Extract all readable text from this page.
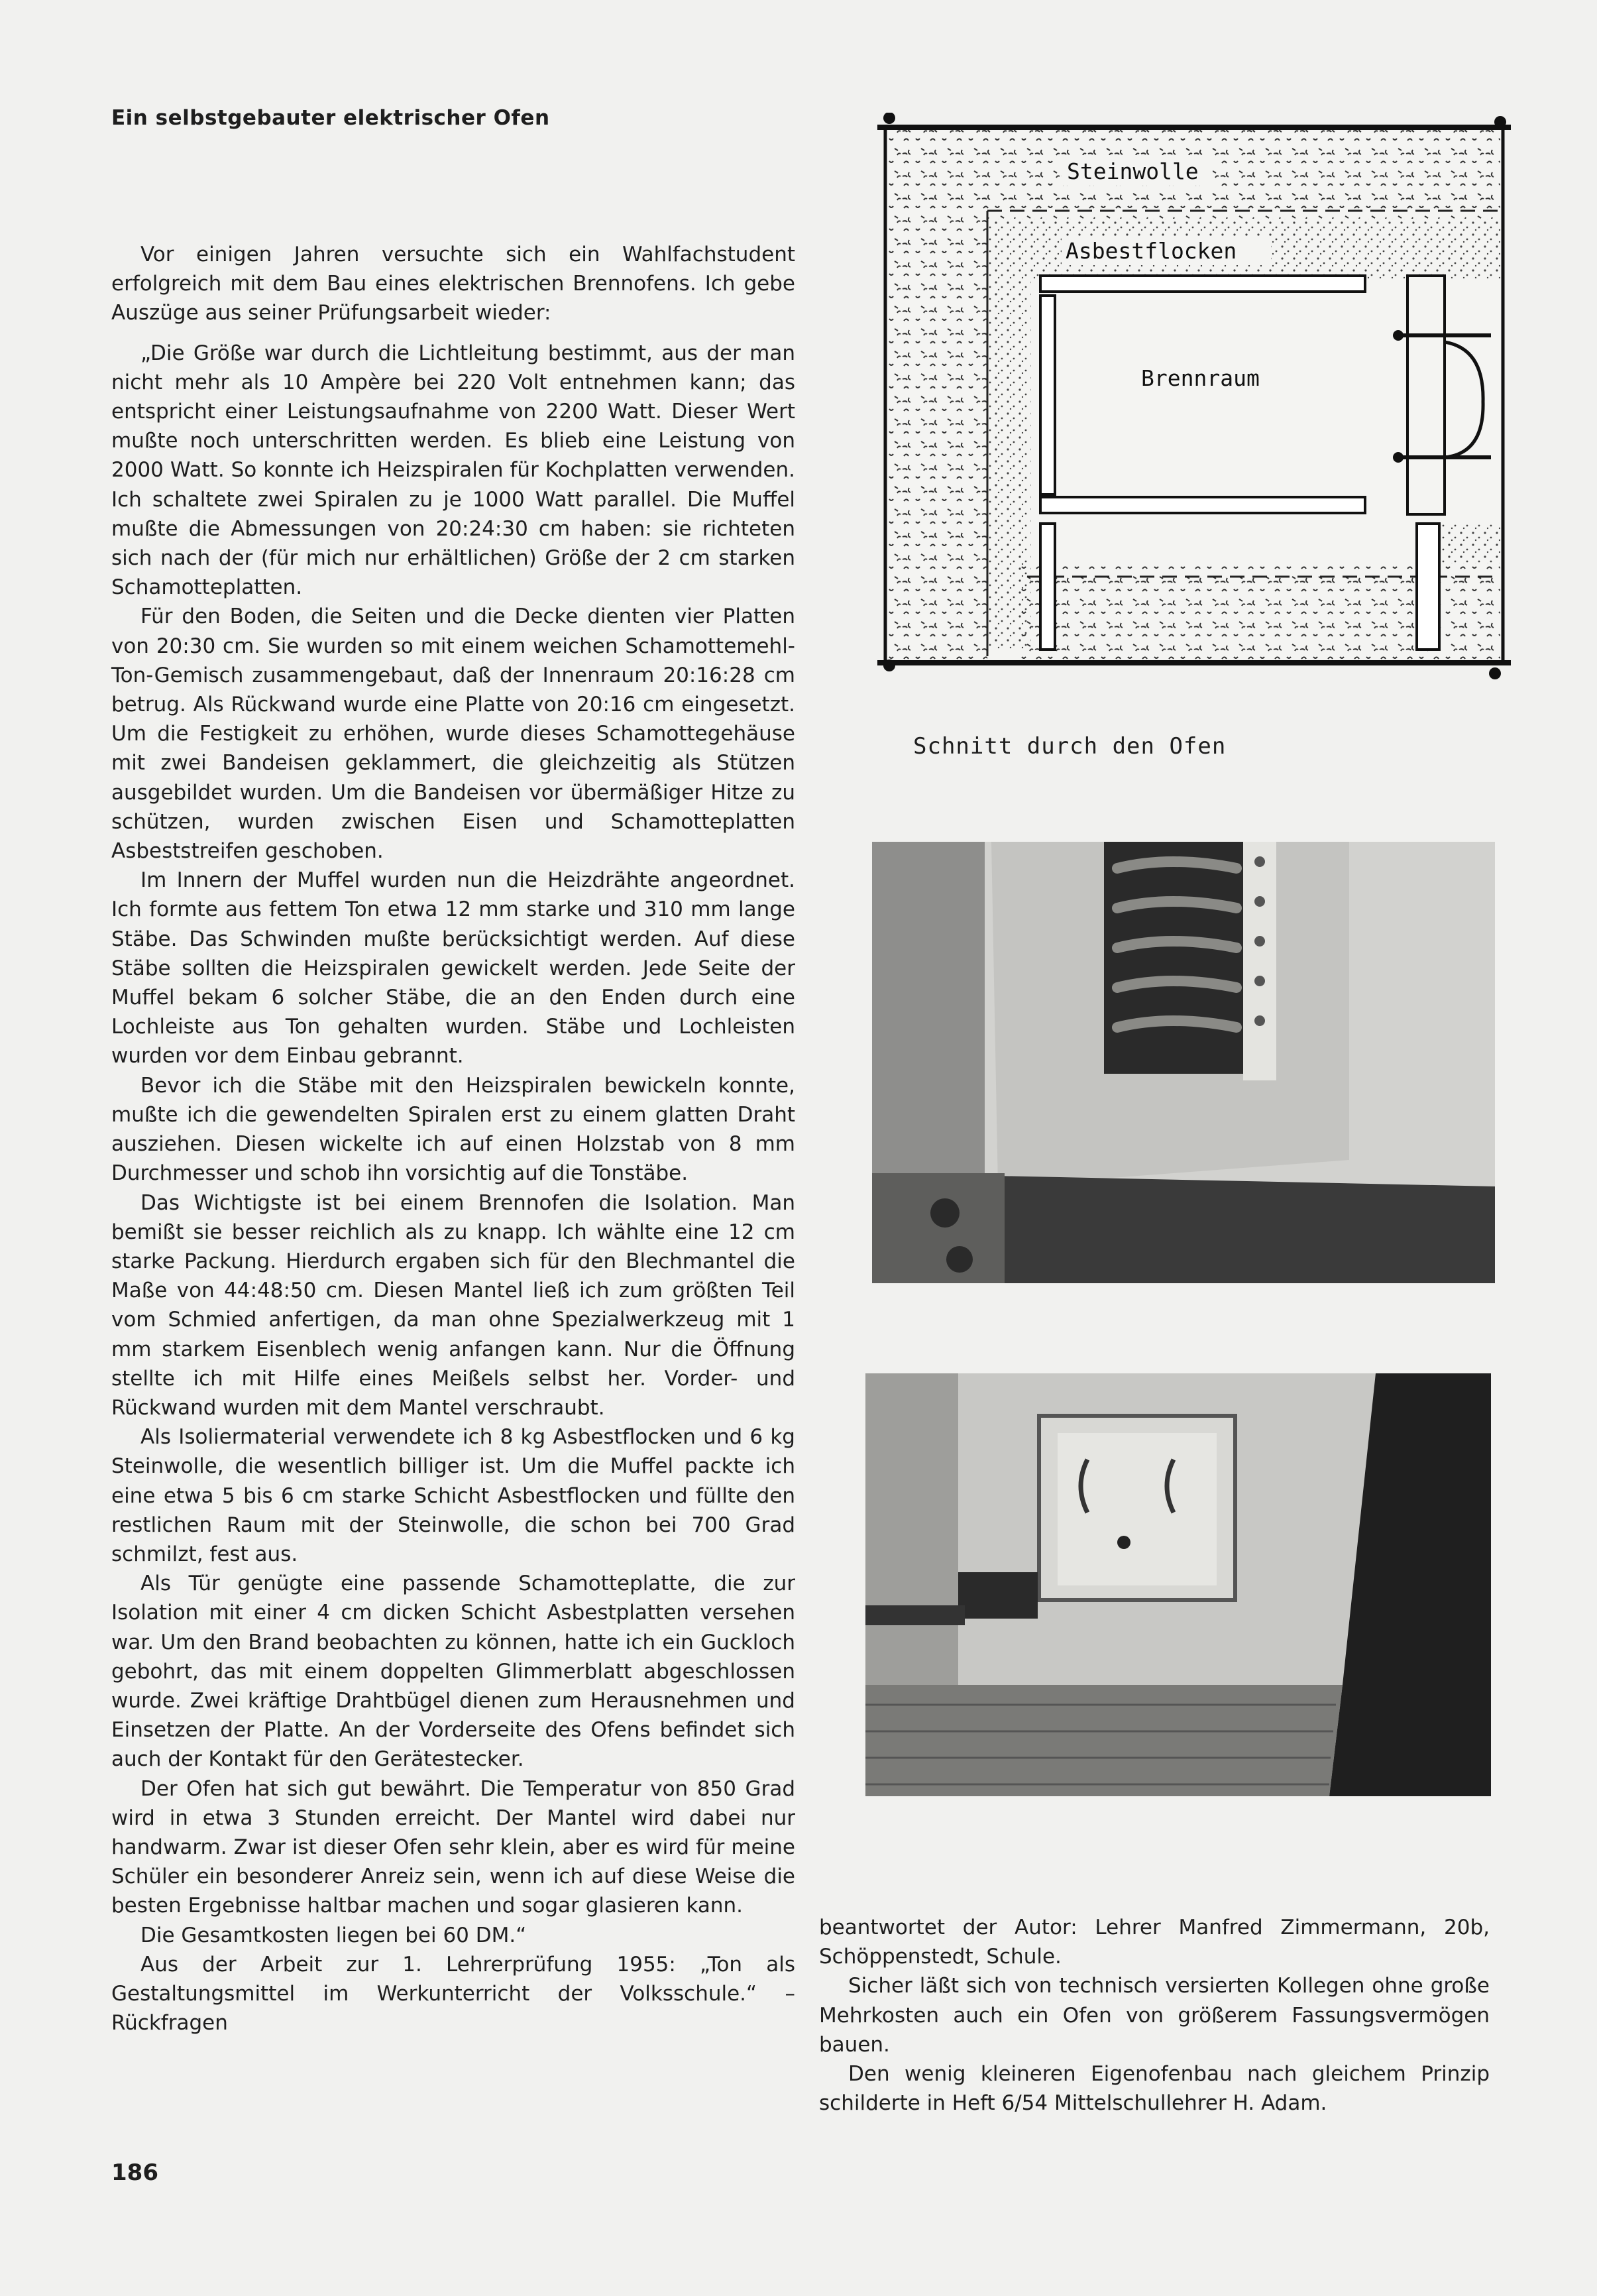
Ein selbstgebauter elektrischer Ofen

Vor einigen Jahren versuchte sich ein Wahlfachstudent erfolgreich mit dem Bau eines elektrischen Brennofens. Ich gebe Auszüge aus seiner Prüfungsarbeit wieder:

„Die Größe war durch die Lichtleitung bestimmt, aus der man nicht mehr als 10 Ampère bei 220 Volt entnehmen kann; das entspricht einer Leistungsaufnahme von 2200 Watt. Dieser Wert mußte noch unterschritten werden. Es blieb eine Leistung von 2000 Watt. So konnte ich Heizspiralen für Kochplatten verwenden. Ich schaltete zwei Spiralen zu je 1000 Watt parallel. Die Muffel mußte die Abmessungen von 20:24:30 cm haben: sie richteten sich nach der (für mich nur erhältlichen) Größe der 2 cm starken Schamotteplatten.

Für den Boden, die Seiten und die Decke dienten vier Platten von 20:30 cm. Sie wurden so mit einem weichen Schamottemehl-Ton-Gemisch zusammengebaut, daß der Innenraum 20:16:28 cm betrug. Als Rückwand wurde eine Platte von 20:16 cm eingesetzt. Um die Festigkeit zu erhöhen, wurde dieses Schamottegehäuse mit zwei Bandeisen geklammert, die gleichzeitig als Stützen ausgebildet wurden. Um die Bandeisen vor übermäßiger Hitze zu schützen, wurden zwischen Eisen und Schamotteplatten Asbeststreifen geschoben.

Im Innern der Muffel wurden nun die Heizdrähte angeordnet. Ich formte aus fettem Ton etwa 12 mm starke und 310 mm lange Stäbe. Das Schwinden mußte berücksichtigt werden. Auf diese Stäbe sollten die Heizspiralen gewickelt werden. Jede Seite der Muffel bekam 6 solcher Stäbe, die an den Enden durch eine Lochleiste aus Ton gehalten wurden. Stäbe und Lochleisten wurden vor dem Einbau gebrannt.

Bevor ich die Stäbe mit den Heizspiralen bewickeln konnte, mußte ich die gewendelten Spiralen erst zu einem glatten Draht ausziehen. Diesen wickelte ich auf einen Holzstab von 8 mm Durchmesser und schob ihn vorsichtig auf die Tonstäbe.

Das Wichtigste ist bei einem Brennofen die Isolation. Man bemißt sie besser reichlich als zu knapp. Ich wählte eine 12 cm starke Packung. Hierdurch ergaben sich für den Blechmantel die Maße von 44:48:50 cm. Diesen Mantel ließ ich zum größten Teil vom Schmied anfertigen, da man ohne Spezialwerkzeug mit 1 mm starkem Eisenblech wenig anfangen kann. Nur die Öffnung stellte ich mit Hilfe eines Meißels selbst her. Vorder- und Rückwand wurden mit dem Mantel verschraubt.

Als Isoliermaterial verwendete ich 8 kg Asbestflocken und 6 kg Steinwolle, die wesentlich billiger ist. Um die Muffel packte ich eine etwa 5 bis 6 cm starke Schicht Asbestflocken und füllte den restlichen Raum mit der Steinwolle, die schon bei 700 Grad schmilzt, fest aus.

Als Tür genügte eine passende Schamotteplatte, die zur Isolation mit einer 4 cm dicken Schicht Asbestplatten versehen war. Um den Brand beobachten zu können, hatte ich ein Guckloch gebohrt, das mit einem doppelten Glimmerblatt abgeschlossen wurde. Zwei kräftige Drahtbügel dienen zum Herausnehmen und Einsetzen der Platte. An der Vorderseite des Ofens befindet sich auch der Kontakt für den Gerätestecker.

Der Ofen hat sich gut bewährt. Die Temperatur von 850 Grad wird in etwa 3 Stunden erreicht. Der Mantel wird dabei nur handwarm. Zwar ist dieser Ofen sehr klein, aber es wird für meine Schüler ein besonderer Anreiz sein, wenn ich auf diese Weise die besten Ergebnisse haltbar machen und sogar glasieren kann.

Die Gesamtkosten liegen bei 60 DM.“

Aus der Arbeit zur 1. Lehrerprüfung 1955: „Ton als Gestaltungsmittel im Werkunterricht der Volksschule.“ – Rückfragen

Steinwolle
Asbestflocken
Brennraum
Schnitt durch den Ofen

beantwortet der Autor: Lehrer Manfred Zimmermann, 20b, Schöppenstedt, Schule.

Sicher läßt sich von technisch versierten Kollegen ohne große Mehrkosten auch ein Ofen von größerem Fassungsvermögen bauen.

Den wenig kleineren Eigenofenbau nach gleichem Prinzip schilderte in Heft 6/54 Mittelschullehrer H. Adam.

186
